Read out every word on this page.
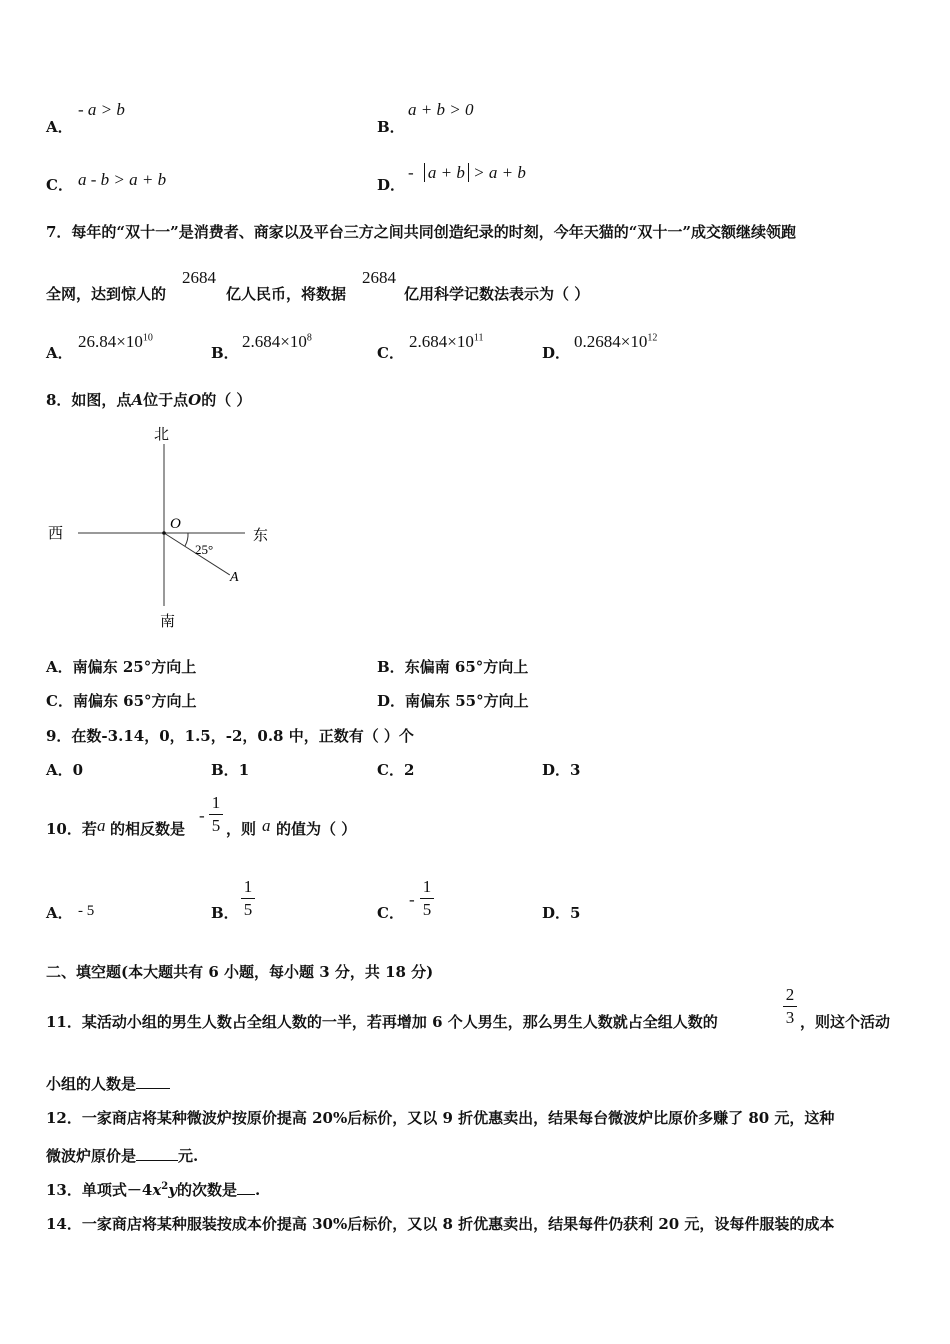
A．
- a > b
B．
a + b > 0
C． a - b > a + b	D．
- a + b > a + b
7．每年的“双十一”是消费者、商家以及平台三方之间共同创造纪录的时刻，今年天猫的“双十一”成交额继续领跑
全网，达到惊人的
2684
亿人民币，将数据
2684
亿用科学记数法表示为（ ）
A．
$26.84\times 10^{10}$
B．
$2.684\times 10^8$
C．
$2.684\times 10^{11}$
D．
$0.2684\times 10^{12}$
8．如图，点A位于点O的（ ）
北
南
西	东
O
A
25°
A．南偏东 25°方向上	B．东偏南 65°方向上
C．南偏东 65°方向上	D．南偏东 55°方向上
9．在数-3.14，0，1.5，-2，0.8 中，正数有（ ）个
A．0	B．1	C．2	D．3
10．若 a 的相反数是
-
1
5 ，则 a 的值为（ ）
A． - 5	B．
1
5	C．
-
1
5	D．5
二、填空题(本大题共有 6 小题，每小题 3 分，共 18 分)
11．某活动小组的男生人数占全组人数的一半，若再增加 6 个人男生，那么男生人数就占全组人数的
2
3 ，则这个活动
小组的人数是
12．一家商店将某种微波炉按原价提高 20%后标价，又以 9 折优惠卖出，结果每台微波炉比原价多赚了 80 元，这种
微波炉原价是	元.
13．单项式$-4x^2y$的次数是 .
14．一家商店将某种服装按成本价提高 30%后标价，又以 8 折优惠卖出，结果每件仍获利 20 元，设每件服装的成本
